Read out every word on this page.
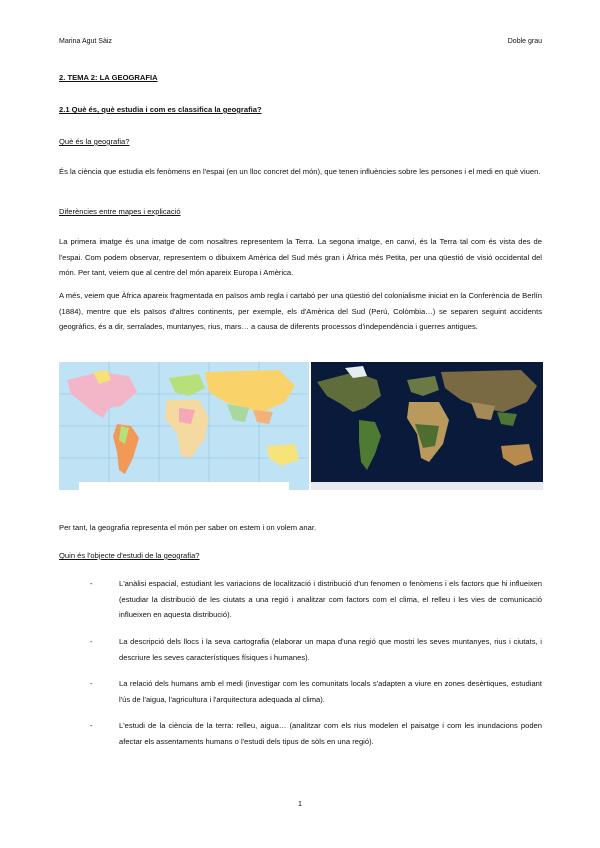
Marina Agut Sàiz	Doble grau
2. TEMA 2: LA GEOGRAFIA
2.1 Què és, què estudia i com es classifica la geografia?
Què és la geografia?
És la ciència que estudia els fenòmens en l'espai (en un lloc concret del món), que tenen influències sobre les persones i el medi en què viuen.
Diferències entre mapes i explicació
La primera imatge és una imatge de com nosaltres representem la Terra. La segona imatge, en canvi, és la Terra tal com és vista des de l'espai. Com podem observar, representem o dibuixem Amèrica del Sud més gran i Àfrica més Petita, per una qüestió de visió occidental del món. Per tant, veiem que al centre del món apareix Europa i Amèrica.
A més, veiem que Àfrica apareix fragmentada en països amb regla i cartabó per una qüestió del colonialisme iniciat en la Conferència de Berlín (1884), mentre que els països d'altres continents, per exemple, els d'Amèrica del Sud (Perú, Colòmbia…) se separen seguint accidents geogràfics, és a dir, serralades, muntanyes, rius, mars… a causa de diferents processos d'independència i guerres antigues.
Per tant, la geografia representa el món per saber on estem i on volem anar.
Quin és l'objecte d'estudi de la geografia?
-	L'anàlisi espacial, estudiant les variacions de localització i distribució d'un fenomen o fenòmens i els factors que hi influeixen (estudiar la distribució de les ciutats a una regió i analitzar com factors com el clima, el relleu i les vies de comunicació influeixen en aquesta distribució).
-	La descripció dels llocs i la seva cartografia (elaborar un mapa d'una regió que mostri les seves muntanyes, rius i ciutats, i descriure les seves característiques físiques i humanes).
-	La relació dels humans amb el medi (investigar com les comunitats locals s'adapten a viure en zones desèrtiques, estudiant l'ús de l'aigua, l'agricultura i l'arquitectura adequada al clima).
-	L'estudi de la ciència de la terra: relleu, aigua… (analitzar com els rius modelen el paisatge i com les inundacions poden afectar els assentaments humans o l'estudi dels tipus de sòls en una regió).
1
